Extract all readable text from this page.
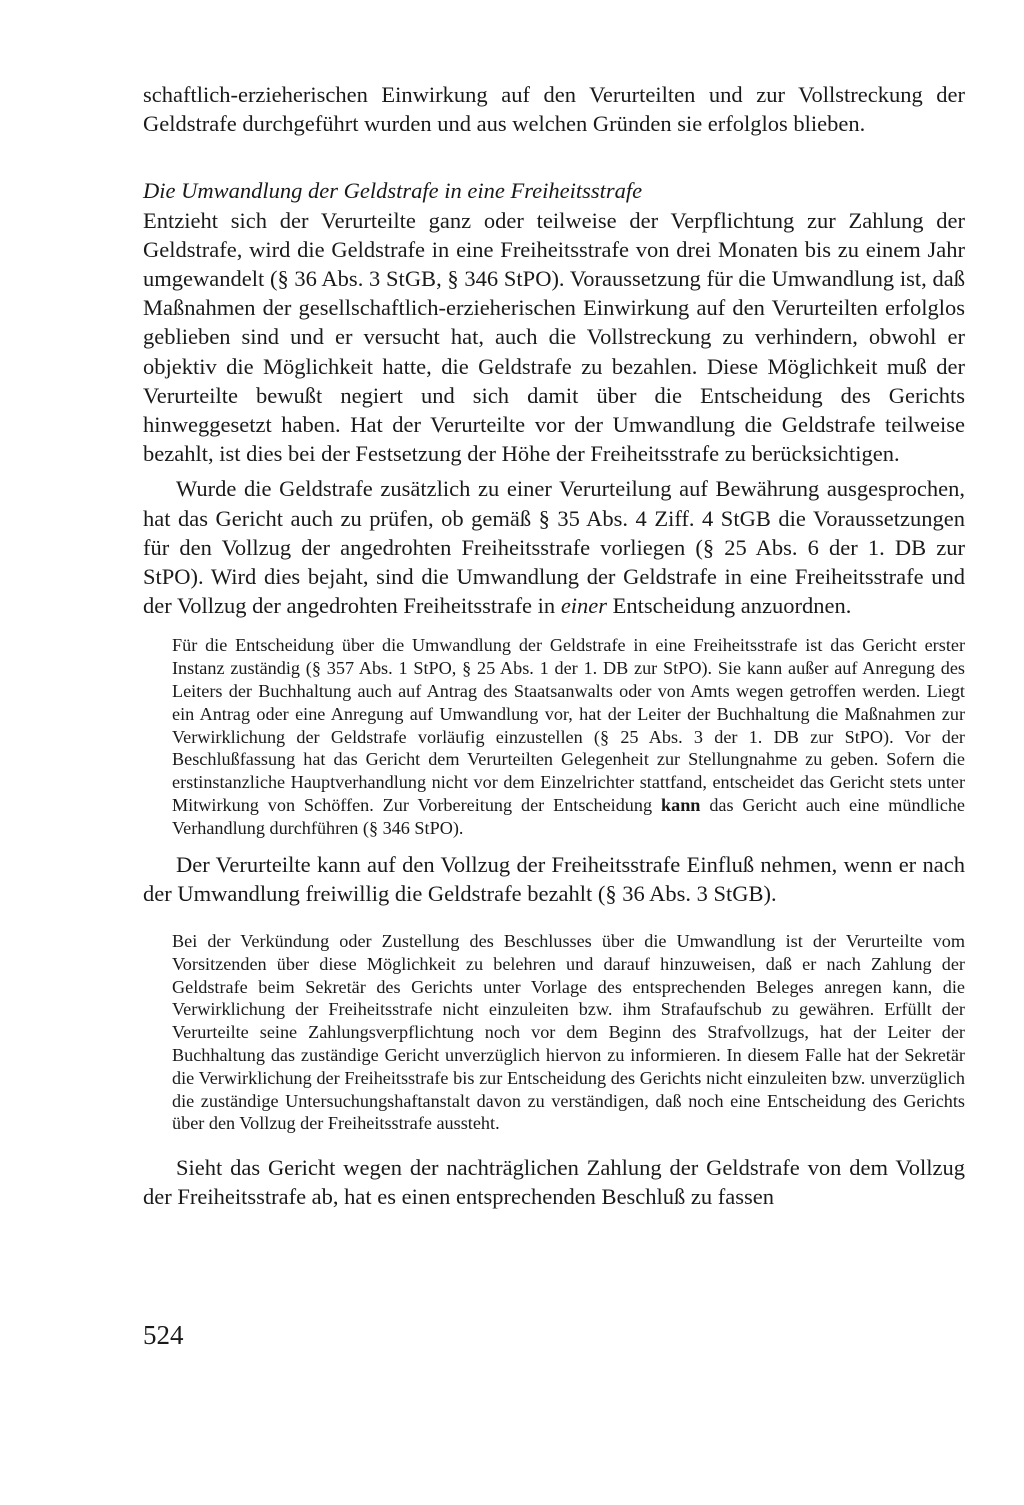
schaftlich-erzieherischen Einwirkung auf den Verurteilten und zur Vollstreckung der Geldstrafe durchgeführt wurden und aus welchen Gründen sie erfolglos blieben.

Die Umwandlung der Geldstrafe in eine Freiheitsstrafe

Entzieht sich der Verurteilte ganz oder teilweise der Verpflichtung zur Zahlung der Geldstrafe, wird die Geldstrafe in eine Freiheitsstrafe von drei Monaten bis zu einem Jahr umgewandelt (§ 36 Abs. 3 StGB, § 346 StPO). Voraussetzung für die Umwandlung ist, daß Maßnahmen der gesellschaftlich-erzieherischen Einwirkung auf den Verurteilten erfolglos geblieben sind und er versucht hat, auch die Vollstreckung zu verhindern, obwohl er objektiv die Möglichkeit hatte, die Geldstrafe zu bezahlen. Diese Möglichkeit muß der Verurteilte bewußt negiert und sich damit über die Entscheidung des Gerichts hinweggesetzt haben. Hat der Verurteilte vor der Umwandlung die Geldstrafe teilweise bezahlt, ist dies bei der Festsetzung der Höhe der Freiheitsstrafe zu berücksichtigen.

Wurde die Geldstrafe zusätzlich zu einer Verurteilung auf Bewährung ausgesprochen, hat das Gericht auch zu prüfen, ob gemäß § 35 Abs. 4 Ziff. 4 StGB die Voraussetzungen für den Vollzug der angedrohten Freiheitsstrafe vorliegen (§ 25 Abs. 6 der 1. DB zur StPO). Wird dies bejaht, sind die Umwandlung der Geldstrafe in eine Freiheitsstrafe und der Vollzug der angedrohten Freiheitsstrafe in einer Entscheidung anzuordnen.

Für die Entscheidung über die Umwandlung der Geldstrafe in eine Freiheitsstrafe ist das Gericht erster Instanz zuständig (§ 357 Abs. 1 StPO, § 25 Abs. 1 der 1. DB zur StPO). Sie kann außer auf Anregung des Leiters der Buchhaltung auch auf Antrag des Staatsanwalts oder von Amts wegen getroffen werden. Liegt ein Antrag oder eine Anregung auf Umwandlung vor, hat der Leiter der Buchhaltung die Maßnahmen zur Verwirklichung der Geldstrafe vorläufig einzustellen (§ 25 Abs. 3 der 1. DB zur StPO). Vor der Beschlußfassung hat das Gericht dem Verurteilten Gelegenheit zur Stellungnahme zu geben. Sofern die erstinstanzliche Hauptverhandlung nicht vor dem Einzelrichter stattfand, entscheidet das Gericht stets unter Mitwirkung von Schöffen. Zur Vorbereitung der Entscheidung kann das Gericht auch eine mündliche Verhandlung durchführen (§ 346 StPO).

Der Verurteilte kann auf den Vollzug der Freiheitsstrafe Einfluß nehmen, wenn er nach der Umwandlung freiwillig die Geldstrafe bezahlt (§ 36 Abs. 3 StGB).

Bei der Verkündung oder Zustellung des Beschlusses über die Umwandlung ist der Verurteilte vom Vorsitzenden über diese Möglichkeit zu belehren und darauf hinzuweisen, daß er nach Zahlung der Geldstrafe beim Sekretär des Gerichts unter Vorlage des entsprechenden Beleges anregen kann, die Verwirklichung der Freiheitsstrafe nicht einzuleiten bzw. ihm Strafaufschub zu gewähren. Erfüllt der Verurteilte seine Zahlungsverpflichtung noch vor dem Beginn des Strafvollzugs, hat der Leiter der Buchhaltung das zuständige Gericht unverzüglich hiervon zu informieren. In diesem Falle hat der Sekretär die Verwirklichung der Freiheitsstrafe bis zur Entscheidung des Gerichts nicht einzuleiten bzw. unverzüglich die zuständige Untersuchungshaftanstalt davon zu verständigen, daß noch eine Entscheidung des Gerichts über den Vollzug der Freiheitsstrafe aussteht.

Sieht das Gericht wegen der nachträglichen Zahlung der Geldstrafe von dem Vollzug der Freiheitsstrafe ab, hat es einen entsprechenden Beschluß zu fassen

524
